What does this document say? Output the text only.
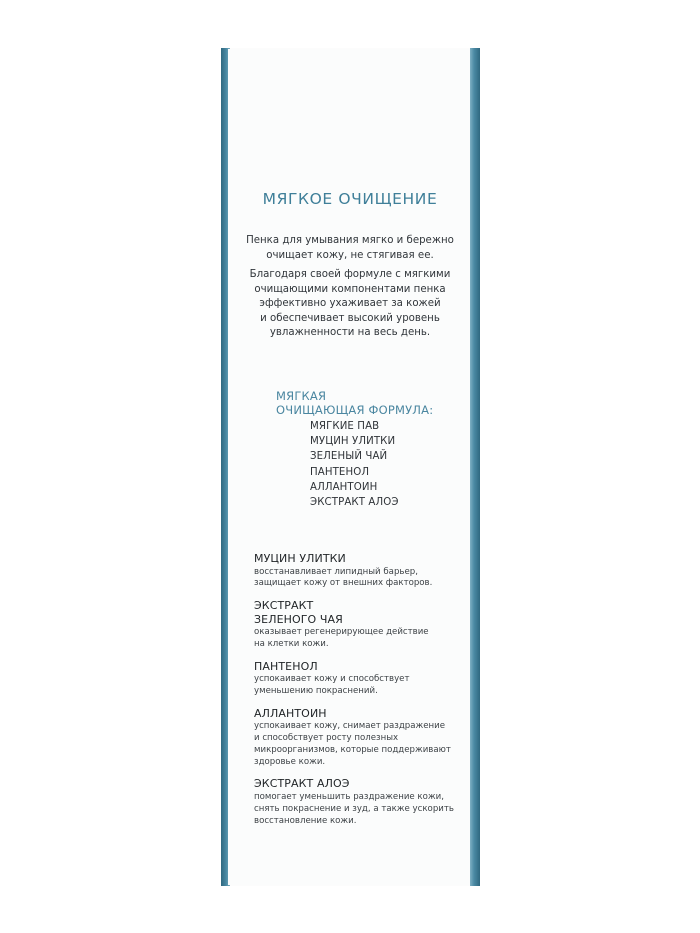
МЯГКОЕ ОЧИЩЕНИЕ

Пенка для умывания мягко и бережно
очищает кожу, не стягивая ее.

Благодаря своей формуле с мягкими
очищающими компонентами пенка
эффективно ухаживает за кожей
и обеспечивает высокий уровень
увлажненности на весь день.

МЯГКАЯ
ОЧИЩАЮЩАЯ ФОРМУЛА:

МЯГКИЕ ПАВ
МУЦИН УЛИТКИ
ЗЕЛЕНЫЙ ЧАЙ
ПАНТЕНОЛ
АЛЛАНТОИН
ЭКСТРАКТ АЛОЭ

МУЦИН УЛИТКИ

восстанавливает липидный барьер,
защищает кожу от внешних факторов.

ЭКСТРАКТ
ЗЕЛЕНОГО ЧАЯ

оказывает регенерирующее действие
на клетки кожи.

ПАНТЕНОЛ

успокаивает кожу и способствует
уменьшению покраснений.

АЛЛАНТОИН

успокаивает кожу, снимает раздражение
и способствует росту полезных
микроорганизмов, которые поддерживают
здоровье кожи.

ЭКСТРАКТ АЛОЭ

помогает уменьшить раздражение кожи,
снять покраснение и зуд, а также ускорить
восстановление кожи.
